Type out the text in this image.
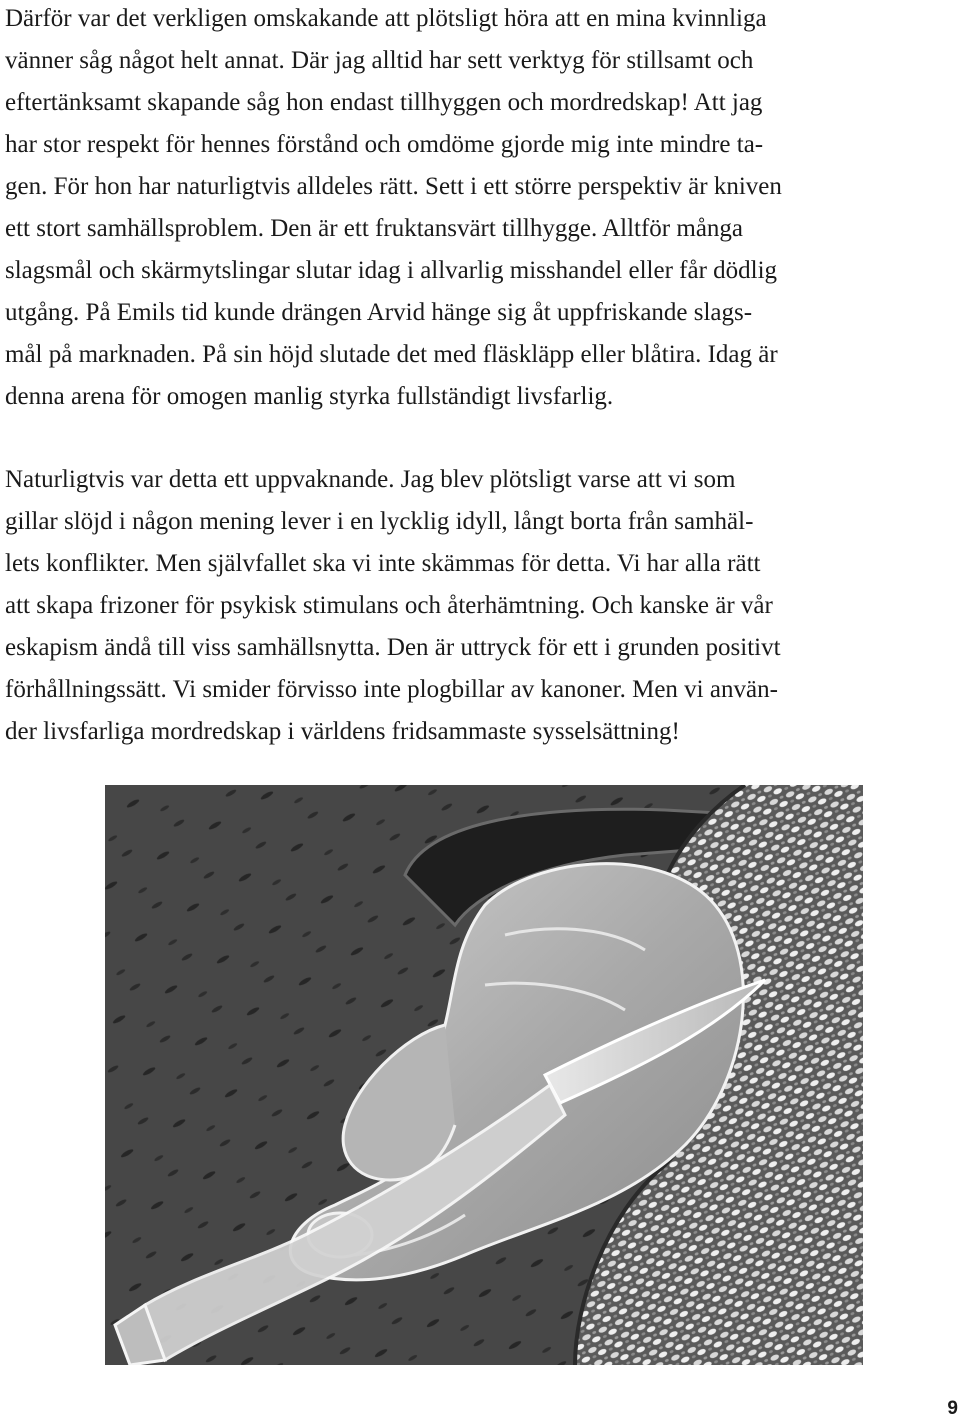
Därför var det verkligen omskakande att plötsligt höra att en mina kvinnliga
vänner såg något helt annat. Där jag alltid har sett verktyg för stillsamt och
eftertänksamt skapande såg hon endast tillhyggen och mordredskap! Att jag
har stor respekt för hennes förstånd och omdöme gjorde mig inte mindre ta-
gen. För hon har naturligtvis alldeles rätt. Sett i ett större perspektiv är kniven
ett stort samhällsproblem. Den är ett fruktansvärt tillhygge. Alltför många
slagsmål och skärmytslingar slutar idag i allvarlig misshandel eller får dödlig
utgång. På Emils tid kunde drängen Arvid hänge sig åt uppfriskande slags-
mål på marknaden. På sin höjd slutade det med fläskläpp eller blåtira. Idag är
denna arena för omogen manlig styrka fullständigt livsfarlig.
Naturligtvis var detta ett uppvaknande. Jag blev plötsligt varse att vi som
gillar slöjd i någon mening lever i en lycklig idyll, långt borta från samhäl-
lets konflikter. Men självfallet ska vi inte skämmas för detta. Vi har alla rätt
att skapa frizoner för psykisk stimulans och återhämtning. Och kanske är vår
eskapism ändå till viss samhällsnytta. Den är uttryck för ett i grunden positivt
förhållningssätt. Vi smider förvisso inte plogbillar av kanoner. Men vi använ-
der livsfarliga mordredskap i världens fridsammaste sysselsättning!
9
